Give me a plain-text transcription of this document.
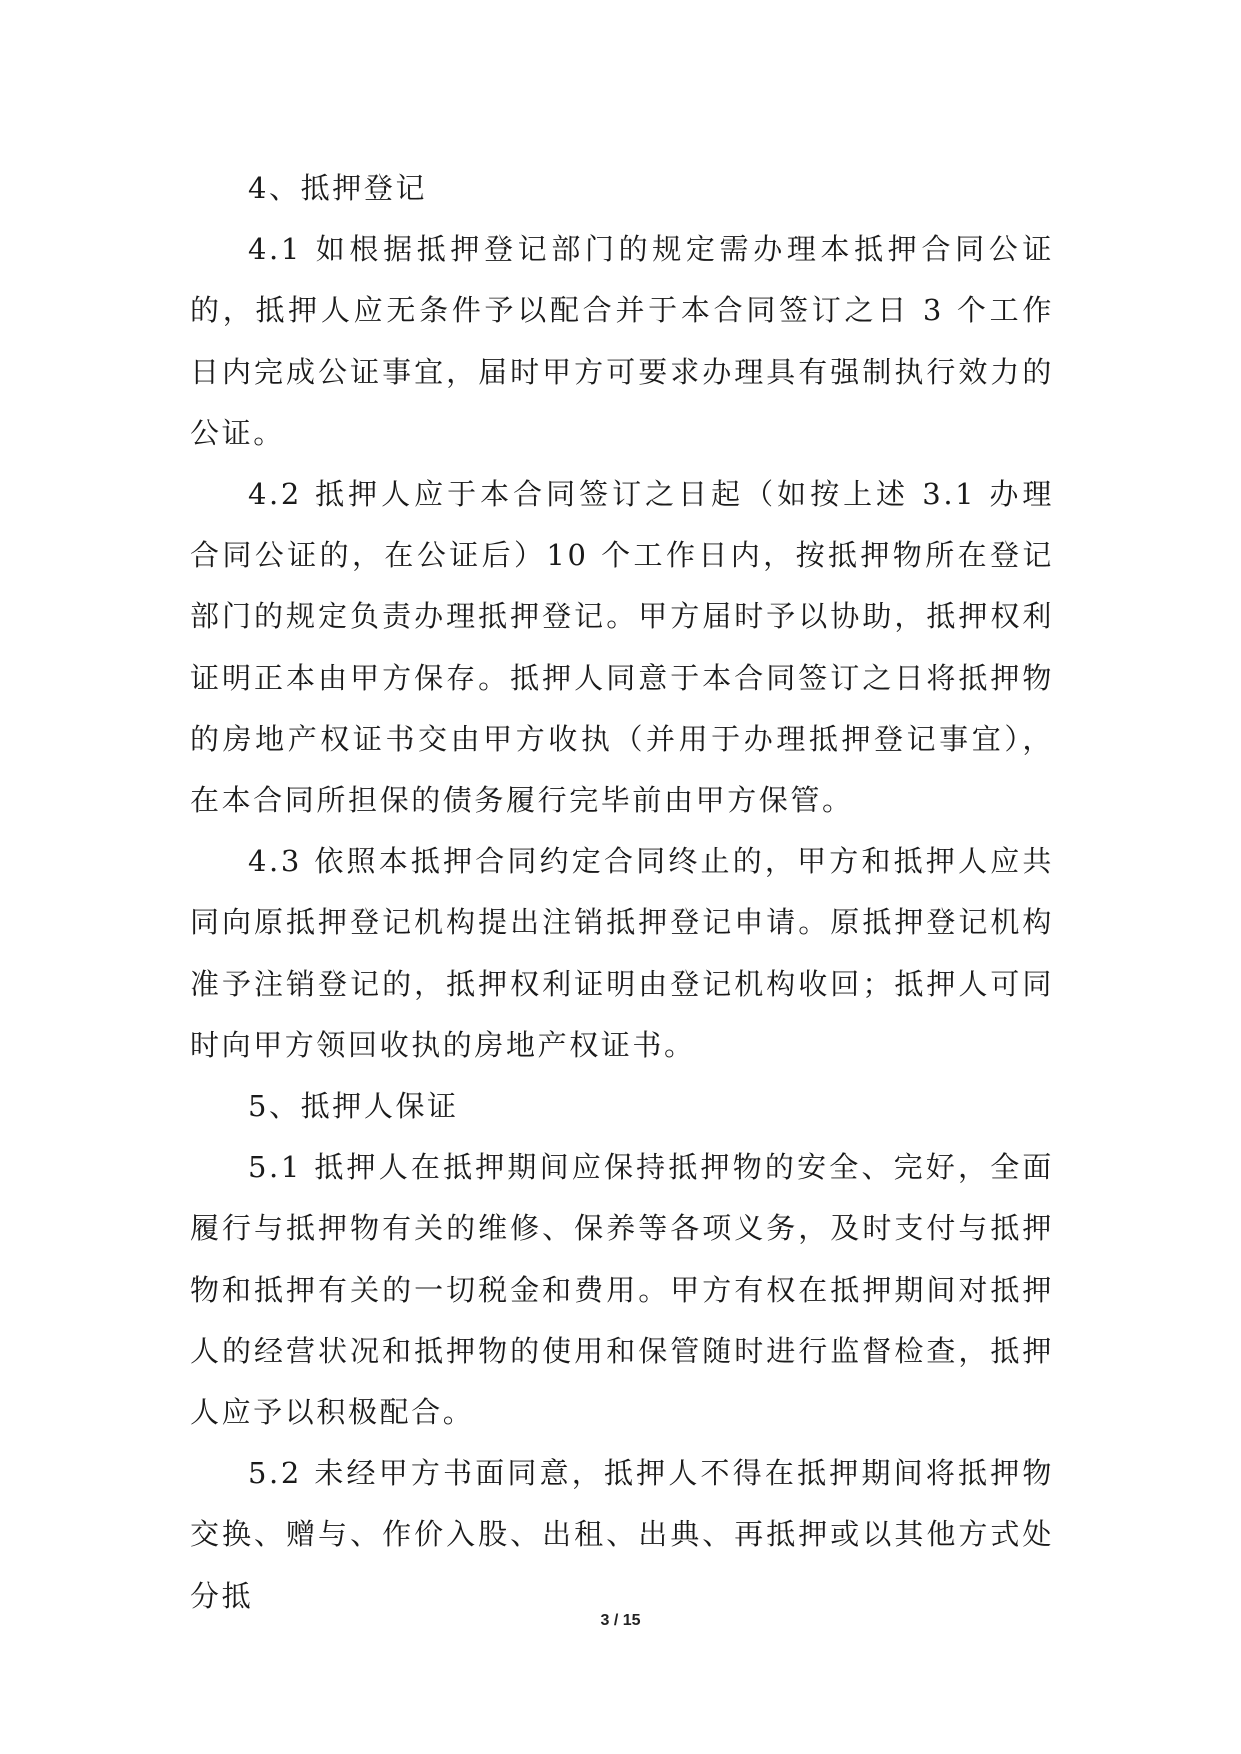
4、抵押登记

4.1 如根据抵押登记部门的规定需办理本抵押合同公证的，抵押人应无条件予以配合并于本合同签订之日 3 个工作日内完成公证事宜，届时甲方可要求办理具有强制执行效力的公证。

4.2 抵押人应于本合同签订之日起（如按上述 3.1 办理合同公证的，在公证后）10 个工作日内，按抵押物所在登记部门的规定负责办理抵押登记。甲方届时予以协助，抵押权利证明正本由甲方保存。抵押人同意于本合同签订之日将抵押物的房地产权证书交由甲方收执（并用于办理抵押登记事宜），在本合同所担保的债务履行完毕前由甲方保管。

4.3 依照本抵押合同约定合同终止的，甲方和抵押人应共同向原抵押登记机构提出注销抵押登记申请。原抵押登记机构准予注销登记的，抵押权利证明由登记机构收回；抵押人可同时向甲方领回收执的房地产权证书。

5、抵押人保证

5.1 抵押人在抵押期间应保持抵押物的安全、完好，全面履行与抵押物有关的维修、保养等各项义务，及时支付与抵押物和抵押有关的一切税金和费用。甲方有权在抵押期间对抵押人的经营状况和抵押物的使用和保管随时进行监督检查，抵押人应予以积极配合。

5.2 未经甲方书面同意，抵押人不得在抵押期间将抵押物交换、赠与、作价入股、出租、出典、再抵押或以其他方式处分抵

3 / 15
